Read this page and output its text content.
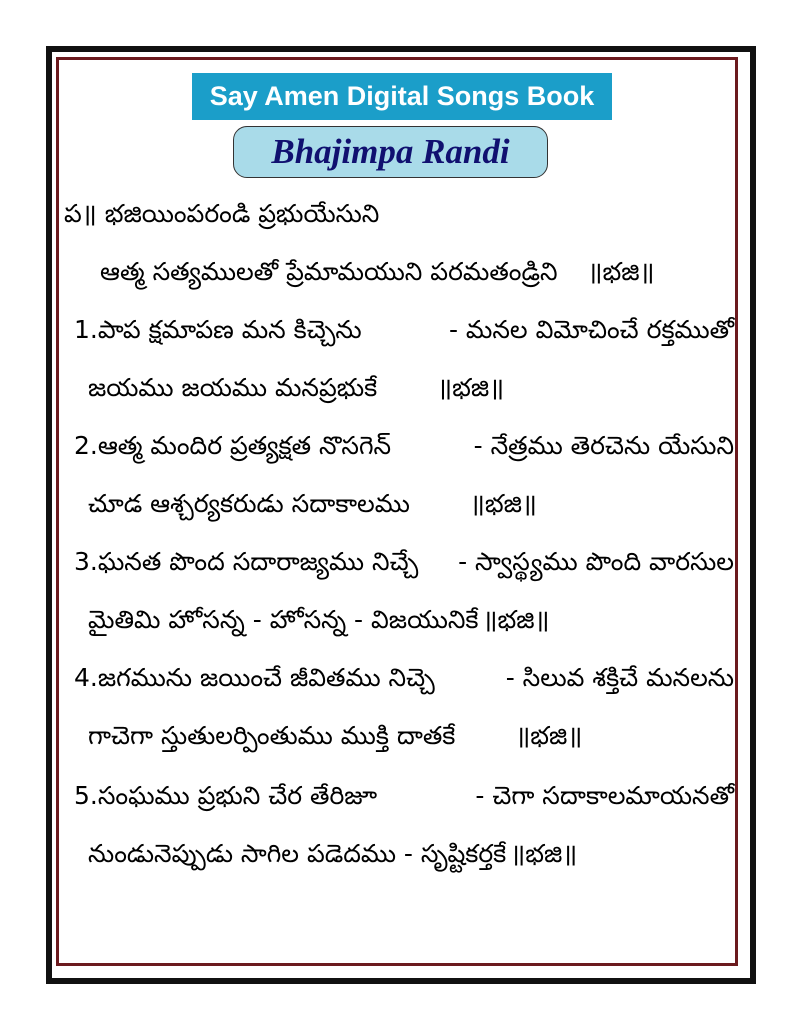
Say Amen Digital Songs Book
Bhajimpa Randi
ప॥ భజియింపరండి ప్రభుయేసుని
ఆత్మ సత్యములతో ప్రేమామయుని పరమతండ్రిని ॥భజి॥
1.పాప క్షమాపణ మన కిచ్చెను	- మనల విమోచించే రక్తముతో
జయము జయము మనప్రభుకే ॥భజి॥
2.ఆత్మ మందిర ప్రత్యక్షత నొసగెన్	- నేత్రము తెరచెను యేసుని
చూడ ఆశ్చర్యకరుడు సదాకాలము ॥భజి॥
3.ఘనత పొంద సదారాజ్యము నిచ్చే - స్వాస్థ్యము పొంది వారసుల
మైతిమి హోసన్న - హోసన్న - విజయునికే ॥భజి॥
4.జగమును జయించే జీవితము నిచ్చె	- సిలువ శక్తిచే మనలను
గాచెగా స్తుతులర్పింతుము ముక్తి దాతకే ॥భజి॥
5.సంఘము ప్రభుని చేర తేరిజూ	- చెగా సదాకాలమాయనతో
నుండునెప్పుడు సాగిల పడెదము - సృష్టికర్తకే ॥భజి॥
